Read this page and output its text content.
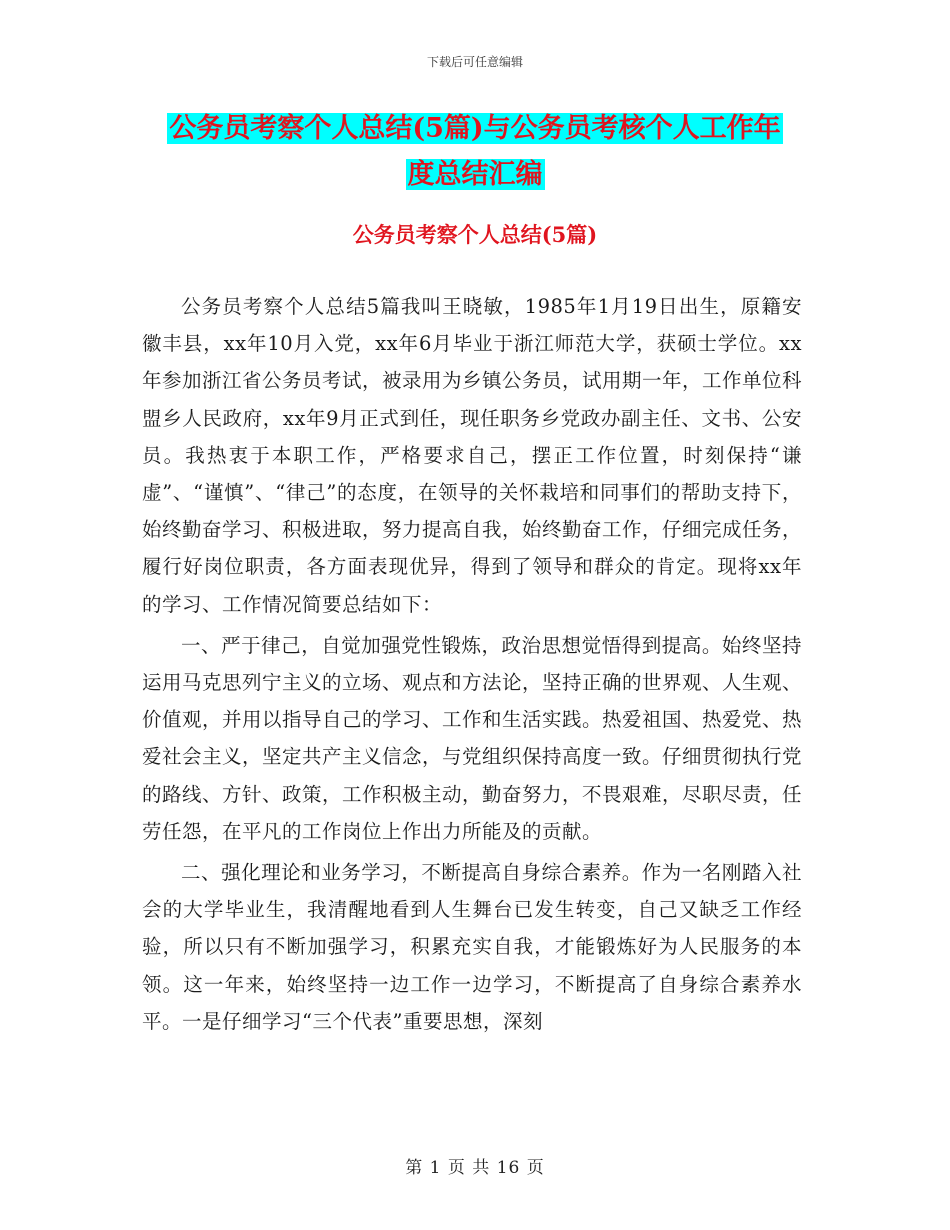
下载后可任意编辑
公务员考察个人总结(5篇)与公务员考核个人工作年
度总结汇编
公务员考察个人总结(5篇)

公务员考察个人总结5篇我叫王晓敏，1985年1月19日出生，原籍安徽丰县，xx年10月入党，xx年6月毕业于浙江师范大学，获硕士学位。xx年参加浙江省公务员考试，被录用为乡镇公务员，试用期一年，工作单位科盟乡人民政府，xx年9月正式到任，现任职务乡党政办副主任、文书、公安员。我热衷于本职工作，严格要求自己，摆正工作位置，时刻保持“谦虚”、“谨慎”、“律己”的态度，在领导的关怀栽培和同事们的帮助支持下，始终勤奋学习、积极进取，努力提高自我，始终勤奋工作，仔细完成任务，履行好岗位职责，各方面表现优异，得到了领导和群众的肯定。现将xx年的学习、工作情况简要总结如下：

一、严于律己，自觉加强党性锻炼，政治思想觉悟得到提高。始终坚持运用马克思列宁主义的立场、观点和方法论，坚持正确的世界观、人生观、价值观，并用以指导自己的学习、工作和生活实践。热爱祖国、热爱党、热爱社会主义，坚定共产主义信念，与党组织保持高度一致。仔细贯彻执行党的路线、方针、政策，工作积极主动，勤奋努力，不畏艰难，尽职尽责，任劳任怨，在平凡的工作岗位上作出力所能及的贡献。

二、强化理论和业务学习，不断提高自身综合素养。作为一名刚踏入社会的大学毕业生，我清醒地看到人生舞台已发生转变，自己又缺乏工作经验，所以只有不断加强学习，积累充实自我，才能锻炼好为人民服务的本领。这一年来，始终坚持一边工作一边学习，不断提高了自身综合素养水平。一是仔细学习“三个代表”重要思想，深刻

第 1 页 共 16 页
